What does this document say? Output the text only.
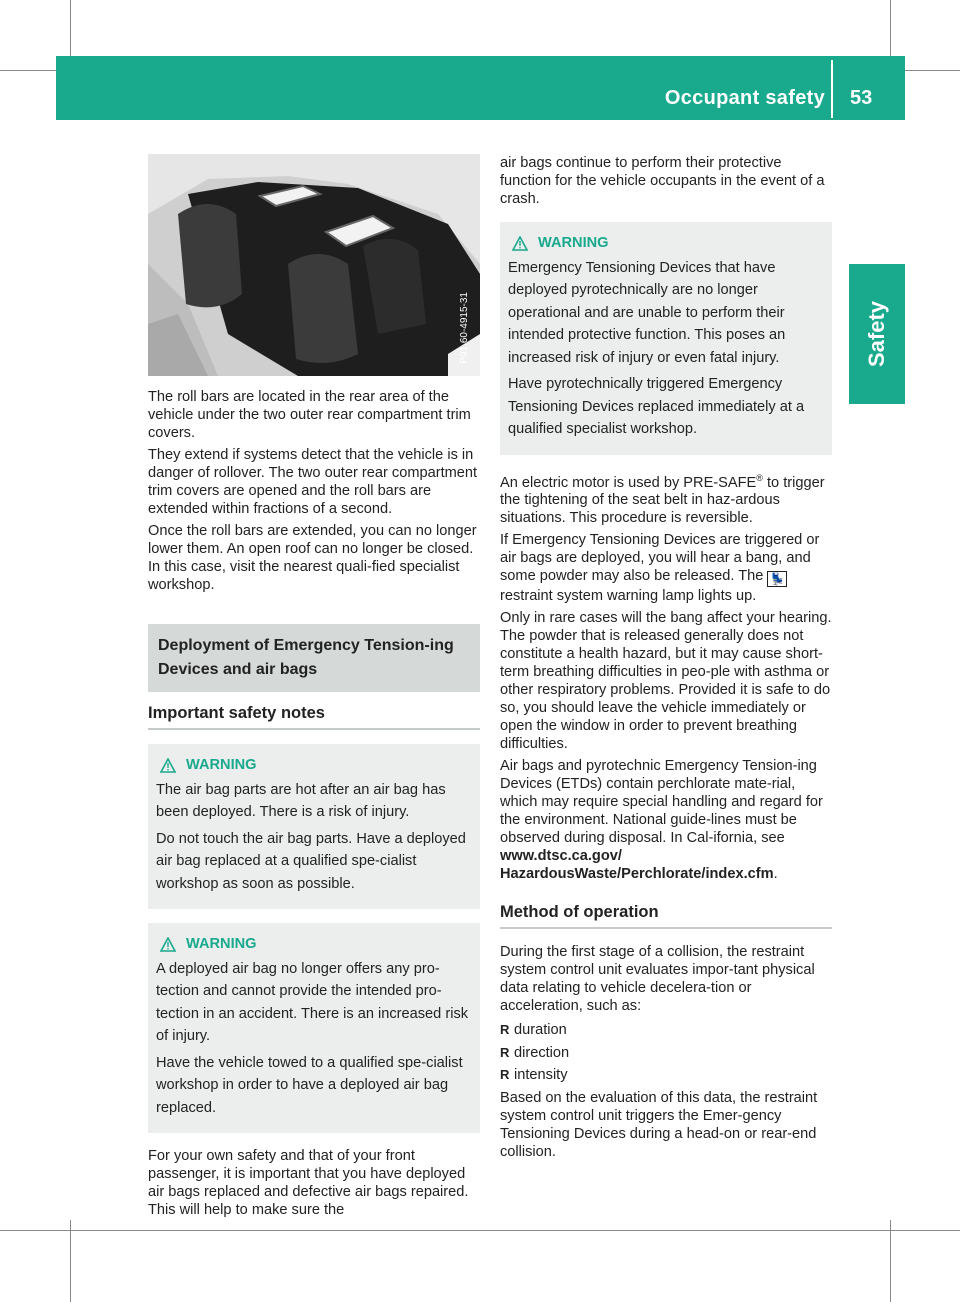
Occupant safety 53
Safety
P91.60-4915-31

The roll bars are located in the rear area of the vehicle under the two outer rear compartment trim covers.

They extend if systems detect that the vehicle is in danger of rollover. The two outer rear compartment trim covers are opened and the roll bars are extended within fractions of a second.

Once the roll bars are extended, you can no longer lower them. An open roof can no longer be closed. In this case, visit the nearest quali-fied specialist workshop.

Deployment of Emergency Tension-ing Devices and air bags
Important safety notes
WARNING

The air bag parts are hot after an air bag has been deployed. There is a risk of injury.

Do not touch the air bag parts. Have a deployed air bag replaced at a qualified spe-cialist workshop as soon as possible.

WARNING

A deployed air bag no longer offers any pro-tection and cannot provide the intended pro-tection in an accident. There is an increased risk of injury.

Have the vehicle towed to a qualified spe-cialist workshop in order to have a deployed air bag replaced.

For your own safety and that of your front passenger, it is important that you have deployed air bags replaced and defective air bags repaired. This will help to make sure the

air bags continue to perform their protective function for the vehicle occupants in the event of a crash.

WARNING

Emergency Tensioning Devices that have deployed pyrotechnically are no longer operational and are unable to perform their intended protective function. This poses an increased risk of injury or even fatal injury.

Have pyrotechnically triggered Emergency Tensioning Devices replaced immediately at a qualified specialist workshop.

An electric motor is used by PRE-SAFE® to trigger the tightening of the seat belt in haz-ardous situations. This procedure is reversible.

If Emergency Tensioning Devices are triggered or air bags are deployed, you will hear a bang, and some powder may also be released. The 💺 restraint system warning lamp lights up.

Only in rare cases will the bang affect your hearing. The powder that is released generally does not constitute a health hazard, but it may cause short-term breathing difficulties in peo-ple with asthma or other respiratory problems. Provided it is safe to do so, you should leave the vehicle immediately or open the window in order to prevent breathing difficulties.

Air bags and pyrotechnic Emergency Tension-ing Devices (ETDs) contain perchlorate mate-rial, which may require special handling and regard for the environment. National guide-lines must be observed during disposal. In Cal-ifornia, see www.dtsc.ca.gov/ HazardousWaste/Perchlorate/index.cfm.

Method of operation

During the first stage of a collision, the restraint system control unit evaluates impor-tant physical data relating to vehicle decelera-tion or acceleration, such as:

R duration
R direction
R intensity

Based on the evaluation of this data, the restraint system control unit triggers the Emer-gency Tensioning Devices during a head-on or rear-end collision.
